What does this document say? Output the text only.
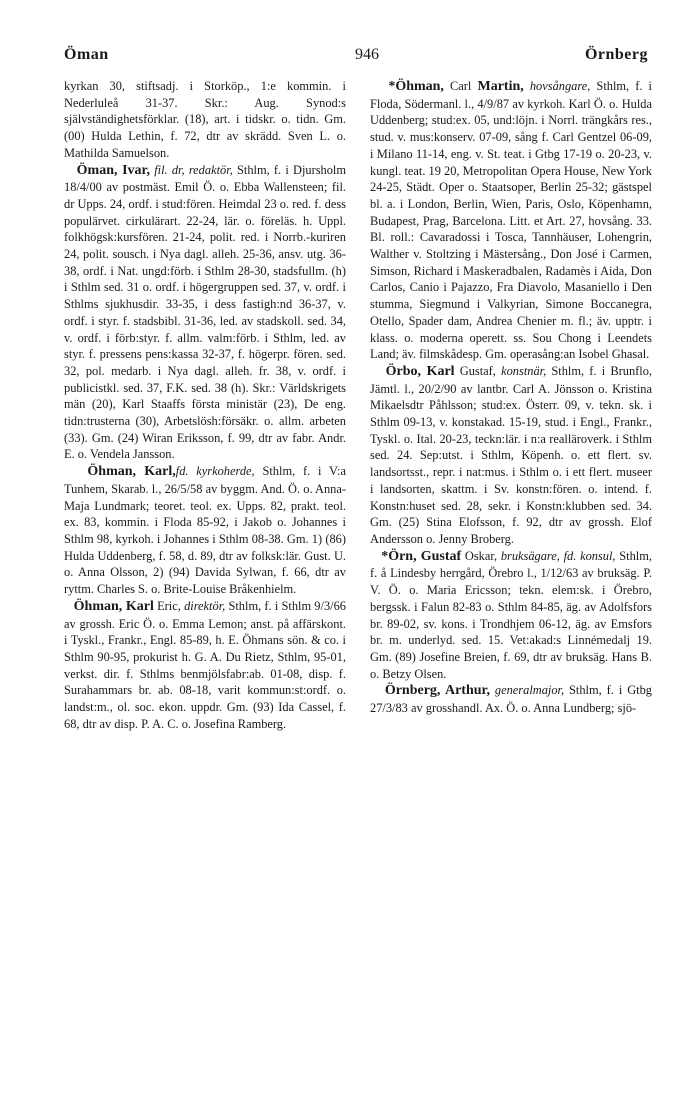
Öman	946	Örnberg

kyrkan 30, stiftsadj. i Storköp., 1:e kommin. i Nederluleå 31-37. Skr.: Aug. Synod:s självständighetsförklar. (18), art. i tidskr. o. tidn. Gm. (00) Hulda Lethin, f. 72, dtr av skrädd. Sven L. o. Mathilda Samuelson.

Öman, Ivar, fil. dr, redaktör, Sthlm, f. i Djursholm 18/4/00 av postmäst. Emil Ö. o. Ebba Wallensteen; fil. dr Upps. 24, ordf. i stud:fören. Heimdal 23 o. red. f. dess populärvet. cirkulärart. 22-24, lär. o. föreläs. h. Uppl. folkhögsk:kursfören. 21-24, polit. red. i Norrb.-kuriren 24, polit. sousch. i Nya dagl. alleh. 25-36, ansv. utg. 36-38, ordf. i Nat. ungd:förb. i Sthlm 28-30, stadsfullm. (h) i Sthlm sed. 31 o. ordf. i högergruppen sed. 37, v. ordf. i Sthlms sjukhusdir. 33-35, i dess fastigh:nd 36-37, v. ordf. i styr. f. stadsbibl. 31-36, led. av stadskoll. sed. 34, v. ordf. i förb:styr. f. allm. valm:förb. i Sthlm, led. av styr. f. pressens pens:kassa 32-37, f. högerpr. fören. sed. 32, pol. medarb. i Nya dagl. alleh. fr. 38, v. ordf. i publicistkl. sed. 37, F.K. sed. 38 (h). Skr.: Världskrigets män (20), Karl Staaffs första ministär (23), De eng. tidn:trusterna (30), Arbetslösh:försäkr. o. allm. arbeten (33). Gm. (24) Wiran Eriksson, f. 99, dtr av fabr. Andr. E. o. Vendela Jansson.

Öhman, Karl,fd. kyrkoherde, Sthlm, f. i V:a Tunhem, Skarab. l., 26/5/58 av byggm. And. Ö. o. Anna-Maja Lundmark; teoret. teol. ex. Upps. 82, prakt. teol. ex. 83, kommin. i Floda 85-92, i Jakob o. Johannes i Sthlm 98, kyrkoh. i Johannes i Sthlm 08-38. Gm. 1) (86) Hulda Uddenberg, f. 58, d. 89, dtr av folksk:lär. Gust. U. o. Anna Olsson, 2) (94) Davida Sylwan, f. 66, dtr av ryttm. Charles S. o. Brite-Louise Bråkenhielm.

Öhman, Karl Eric, direktör, Sthlm, f. i Sthlm 9/3/66 av grossh. Eric Ö. o. Emma Lemon; anst. på affärskont. i Tyskl., Frankr., Engl. 85-89, h. E. Öhmans sön. & co. i Sthlm 90-95, prokurist h. G. A. Du Rietz, Sthlm, 95-01, verkst. dir. f. Sthlms benmjölsfabr:ab. 01-08, disp. f. Surahammars br. ab. 08-18, varit kommun:st:ordf. o. landst:m., ol. soc. ekon. uppdr. Gm. (93) Ida Cassel, f. 68, dtr av disp. P. A. C. o. Josefina Ramberg.

*Öhman, Carl Martin, hovsångare, Sthlm, f. i Floda, Södermanl. l., 4/9/87 av kyrkoh. Karl Ö. o. Hulda Uddenberg; stud:ex. 05, und:löjn. i Norrl. trängkårs res., stud. v. mus:konserv. 07-09, sång f. Carl Gentzel 06-09, i Milano 11-14, eng. v. St. teat. i Gtbg 17-19 o. 20-23, v. kungl. teat. 19 20, Metropolitan Opera House, New York 24-25, Städt. Oper o. Staatsoper, Berlin 25-32; gästspel bl. a. i London, Berlin, Wien, Paris, Oslo, Köpenhamn, Budapest, Prag, Barcelona. Litt. et Art. 27, hovsång. 33. Bl. roll.: Cavaradossi i Tosca, Tannhäuser, Lohengrin, Walther v. Stoltzing i Mästersång., Don José i Carmen, Simson, Richard i Maskeradbalen, Radamès i Aida, Don Carlos, Canio i Pajazzo, Fra Diavolo, Masaniello i Den stumma, Siegmund i Valkyrian, Simone Boccanegra, Otello, Spader dam, Andrea Chenier m. fl.; äv. upptr. i klass. o. moderna operett. ss. Sou Chong i Leendets Land; äv. filmskådesp. Gm. operasång:an Isobel Ghasal.

Örbo, Karl Gustaf, konstnär, Sthlm, f. i Brunflo, Jämtl. l., 20/2/90 av lantbr. Carl A. Jönsson o. Kristina Mikaelsdtr Påhlsson; stud:ex. Österr. 09, v. tekn. sk. i Sthlm 09-13, v. konstakad. 15-19, stud. i Engl., Frankr., Tyskl. o. Ital. 20-23, teckn:lär. i n:a realläroverk. i Sthlm sed. 24. Sep:utst. i Sthlm, Köpenh. o. ett flert. sv. landsortsst., repr. i nat:mus. i Sthlm o. i ett flert. museer i landsorten, skattm. i Sv. konstn:fören. o. intend. f. Konstn:huset sed. 28, sekr. i Konstn:klubben sed. 34. Gm. (25) Stina Elofsson, f. 92, dtr av grossh. Elof Andersson o. Jenny Broberg.

*Örn, Gustaf Oskar, bruksägare, fd. konsul, Sthlm, f. å Lindesby herrgård, Örebro l., 1/12/63 av bruksäg. P. V. Ö. o. Maria Ericsson; tekn. elem:sk. i Örebro, bergssk. i Falun 82-83 o. Sthlm 84-85, äg. av Adolfsfors br. 89-02, sv. kons. i Trondhjem 06-12, äg. av Emsfors br. m. underlyd. sed. 15. Vet:akad:s Linnémedalj 19. Gm. (89) Josefine Breien, f. 69, dtr av bruksäg. Hans B. o. Betzy Olsen.

Örnberg, Arthur, generalmajor, Sthlm, f. i Gtbg 27/3/83 av grosshandl. Ax. Ö. o. Anna Lundberg; sjö-
